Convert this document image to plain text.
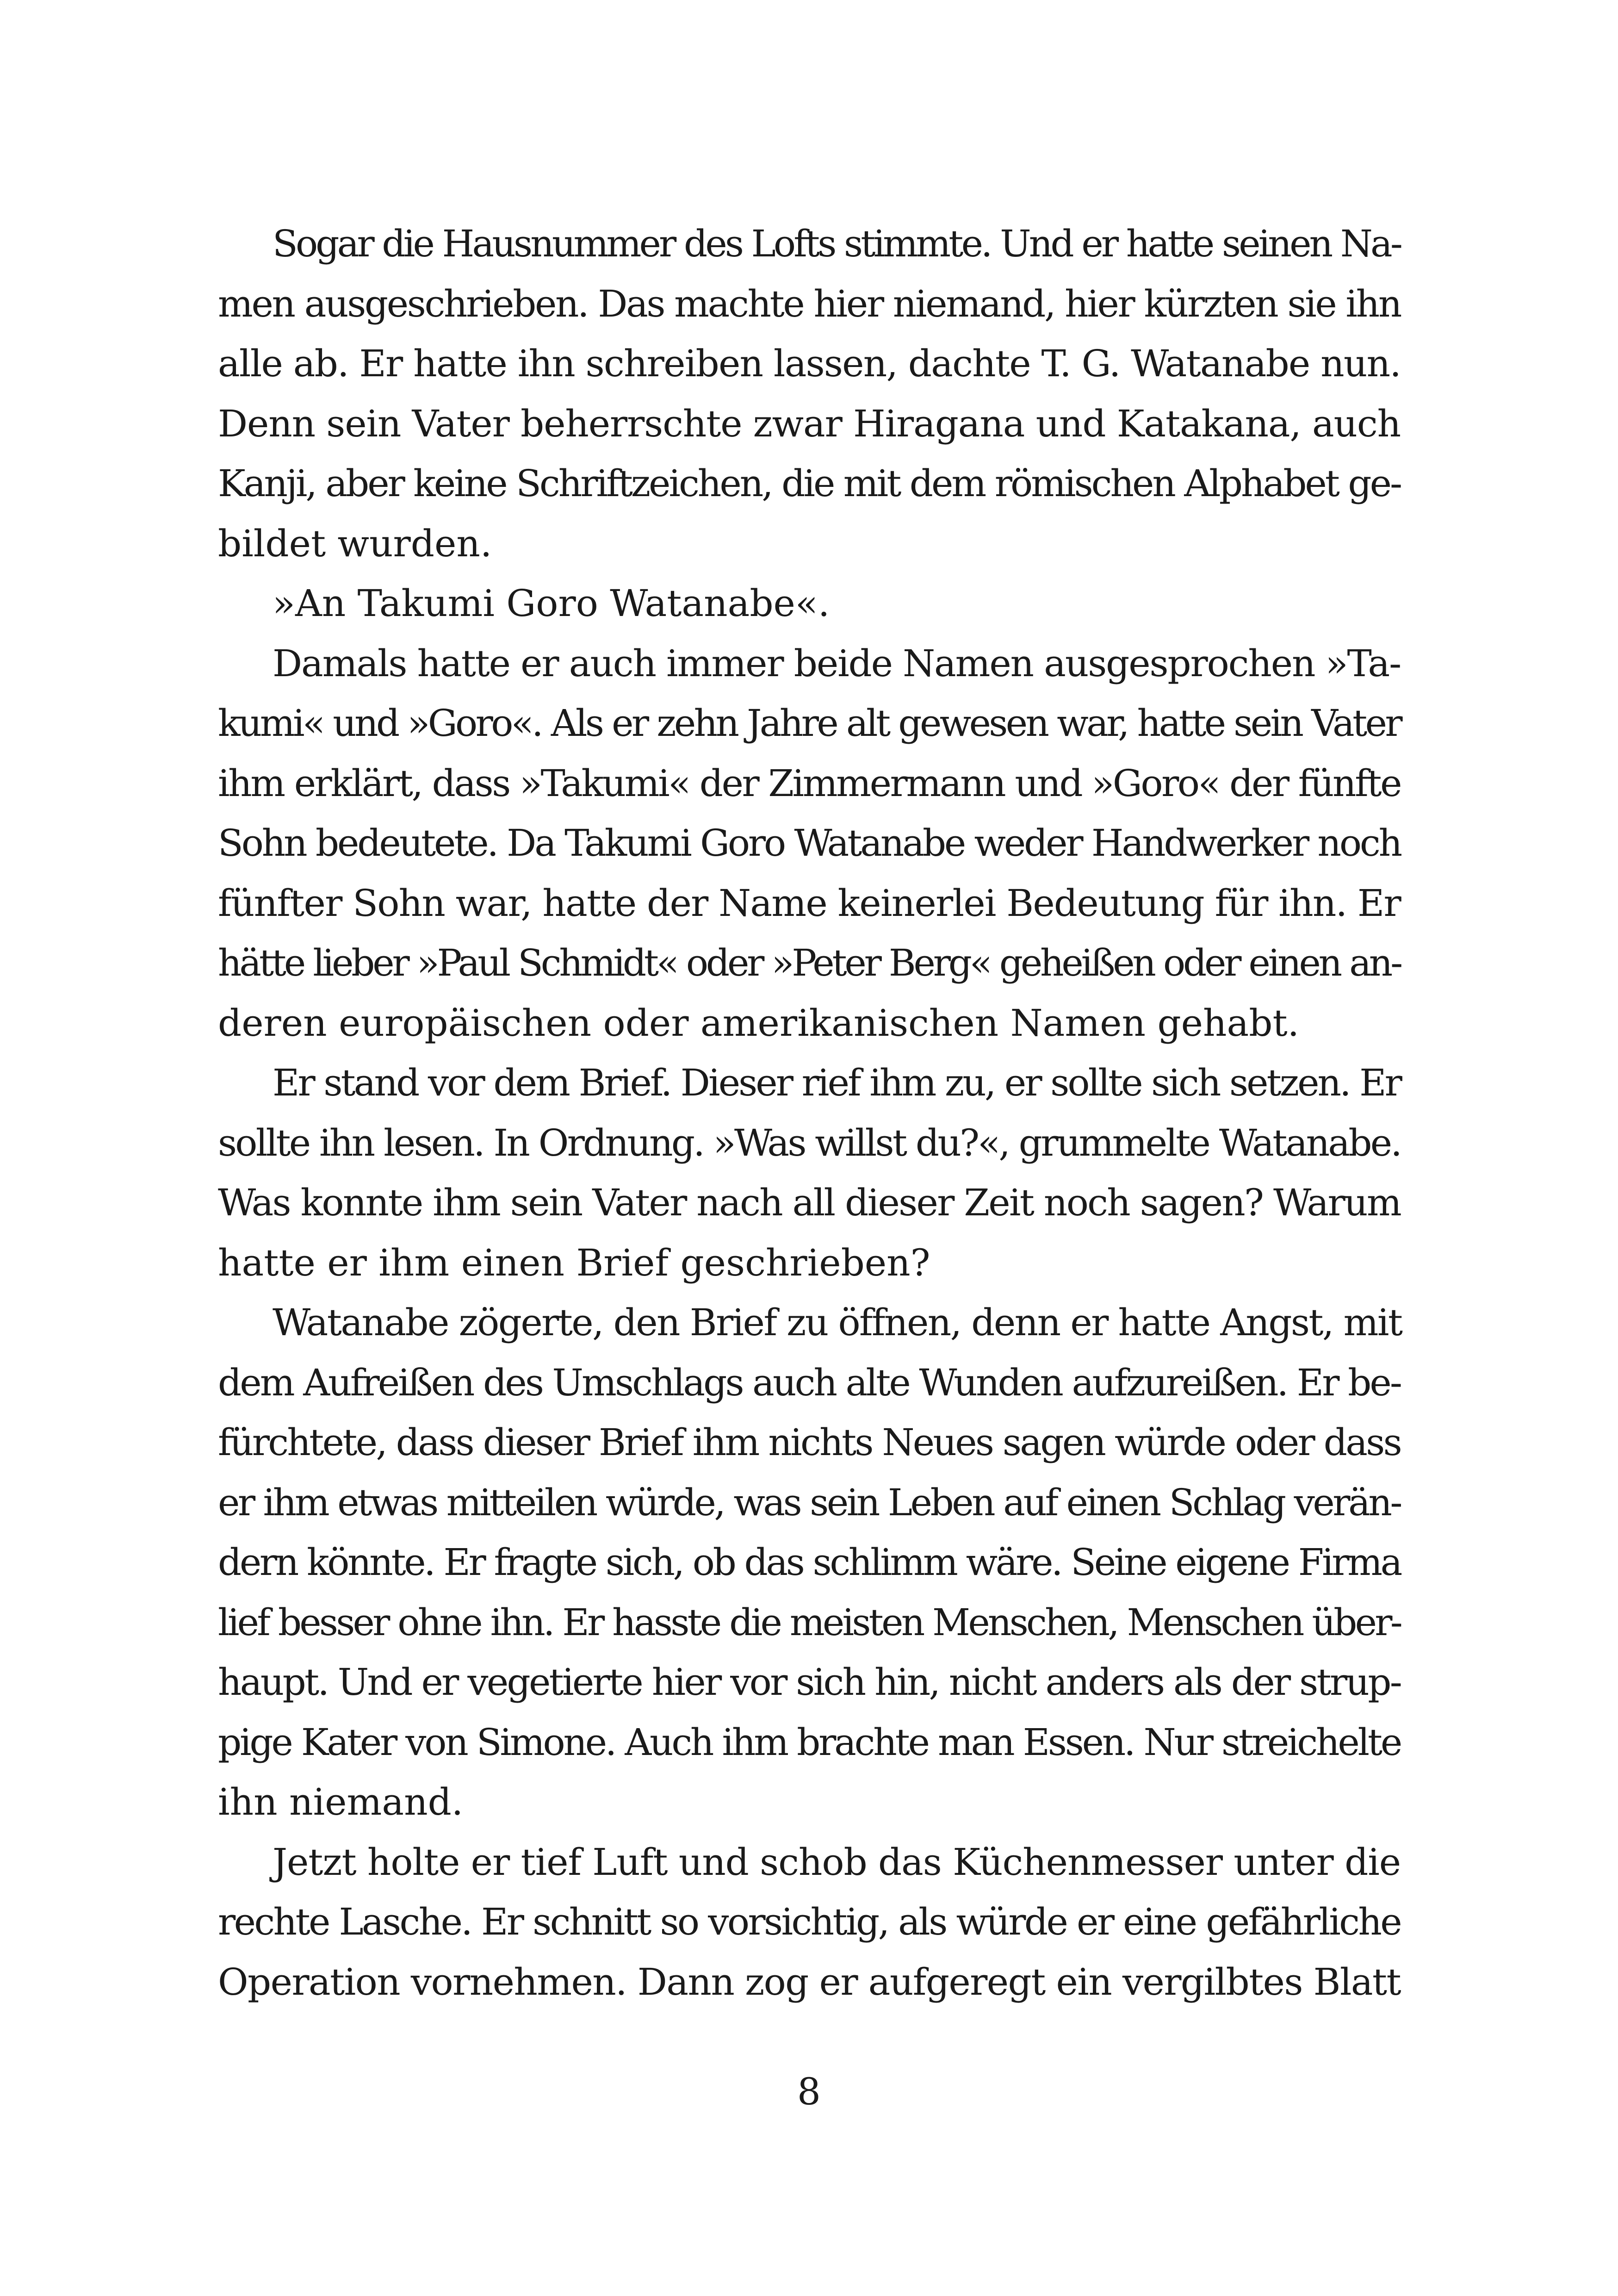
Sogar die Hausnummer des Lofts stimmte. Und er hatte seinen Na-
men ausgeschrieben. Das machte hier niemand, hier kürzten sie ihn
alle ab. Er hatte ihn schreiben lassen, dachte T. G. Watanabe nun.
Denn sein Vater beherrschte zwar Hiragana und Katakana, auch
Kanji, aber keine Schriftzeichen, die mit dem römischen Alphabet ge-
bildet wurden.

»An Takumi Goro Watanabe«.

Damals hatte er auch immer beide Namen ausgesprochen »Ta-
kumi« und »Goro«. Als er zehn Jahre alt gewesen war, hatte sein Vater
ihm erklärt, dass »Takumi« der Zimmermann und »Goro« der fünfte
Sohn bedeutete. Da Takumi Goro Watanabe weder Handwerker noch
fünfter Sohn war, hatte der Name keinerlei Bedeutung für ihn. Er
hätte lieber »Paul Schmidt« oder »Peter Berg« geheißen oder einen an-
deren europäischen oder amerikanischen Namen gehabt.

Er stand vor dem Brief. Dieser rief ihm zu, er sollte sich setzen. Er
sollte ihn lesen. In Ordnung. »Was willst du?«, grummelte Watanabe.
Was konnte ihm sein Vater nach all dieser Zeit noch sagen? Warum
hatte er ihm einen Brief geschrieben?

Watanabe zögerte, den Brief zu öffnen, denn er hatte Angst, mit
dem Aufreißen des Umschlags auch alte Wunden aufzureißen. Er be-
fürchtete, dass dieser Brief ihm nichts Neues sagen würde oder dass
er ihm etwas mitteilen würde, was sein Leben auf einen Schlag verän-
dern könnte. Er fragte sich, ob das schlimm wäre. Seine eigene Firma
lief besser ohne ihn. Er hasste die meisten Menschen, Menschen über-
haupt. Und er vegetierte hier vor sich hin, nicht anders als der strup-
pige Kater von Simone. Auch ihm brachte man Essen. Nur streichelte
ihn niemand.

Jetzt holte er tief Luft und schob das Küchenmesser unter die
rechte Lasche. Er schnitt so vorsichtig, als würde er eine gefährliche
Operation vornehmen. Dann zog er aufgeregt ein vergilbtes Blatt

8
